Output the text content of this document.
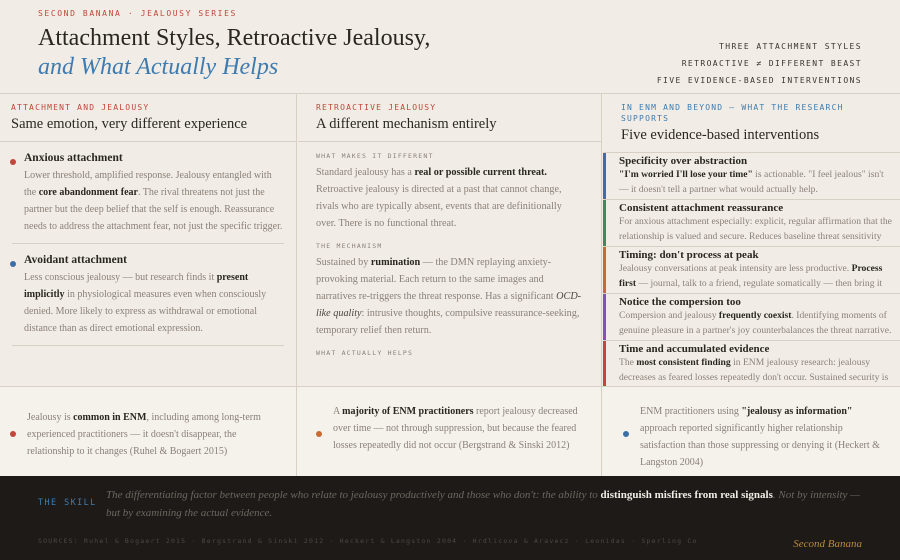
SECOND BANANA · JEALOUSY SERIES
Attachment Styles, Retroactive Jealousy,
and What Actually Helps
THREE ATTACHMENT STYLES
RETROACTIVE ≠ DIFFERENT BEAST
FIVE EVIDENCE-BASED INTERVENTIONS
ATTACHMENT AND JEALOUSY
Same emotion, very different experience
Anxious attachment
Lower threshold, amplified response. Jealousy entangled with the core abandonment fear. The rival threatens not just the partner but the deep belief that the self is enough. Reassurance needs to address the attachment fear, not just the specific trigger.
Avoidant attachment
Less conscious jealousy — but research finds it present implicitly in physiological measures even when consciously denied. More likely to express as withdrawal or emotional distance than as direct emotional expression.
RETROACTIVE JEALOUSY
A different mechanism entirely
WHAT MAKES IT DIFFERENT
Standard jealousy has a real or possible current threat. Retroactive jealousy is directed at a past that cannot change, rivals who are typically absent, events that are definitionally over. There is no functional threat.
THE MECHANISM
Sustained by rumination — the DMN replaying anxiety-provoking material. Each return to the same images and narratives re-triggers the threat response. Has a significant OCD-like quality: intrusive thoughts, compulsive reassurance-seeking, temporary relief then return.
WHAT ACTUALLY HELPS
IN ENM AND BEYOND — WHAT THE RESEARCH SUPPORTS
Five evidence-based interventions
Specificity over abstraction
"I'm worried I'll lose your time" is actionable. "I feel jealous" isn't — it doesn't tell a partner what would actually help.
Consistent attachment reassurance
For anxious attachment especially: explicit, regular affirmation that the relationship is valued and secure. Reduces baseline threat sensitivity
Timing: don't process at peak
Jealousy conversations at peak intensity are less productive. Process first — journal, talk to a friend, regulate somatically — then bring it
Notice the compersion too
Compersion and jealousy frequently coexist. Identifying moments of genuine pleasure in a partner's joy counterbalances the threat narrative.
Time and accumulated evidence
The most consistent finding in ENM jealousy research: jealousy decreases as feared losses repeatedly don't occur. Sustained security is
Jealousy is common in ENM, including among long-term experienced practitioners — it doesn't disappear, the relationship to it changes (Ruhel & Bogaert 2015)
A majority of ENM practitioners report jealousy decreased over time — not through suppression, but because the feared losses repeatedly did not occur (Bergstrand & Sinski 2012)
ENM practitioners using "jealousy as information" approach reported significantly higher relationship satisfaction than those suppressing or denying it (Heckert & Langston 2004)
THE SKILL
The differentiating factor between people who relate to jealousy productively and those who don't: the ability to distinguish misfires from real signals. Not by intensity — but by examining the actual evidence.
SOURCES: Ruhel & Bogaert 2015 · Bergstrand & Sinski 2012 · Heckert & Langston 2004 · Hrdlicova & Aravecz · Leonidas · Sperling Co	Second Banana
